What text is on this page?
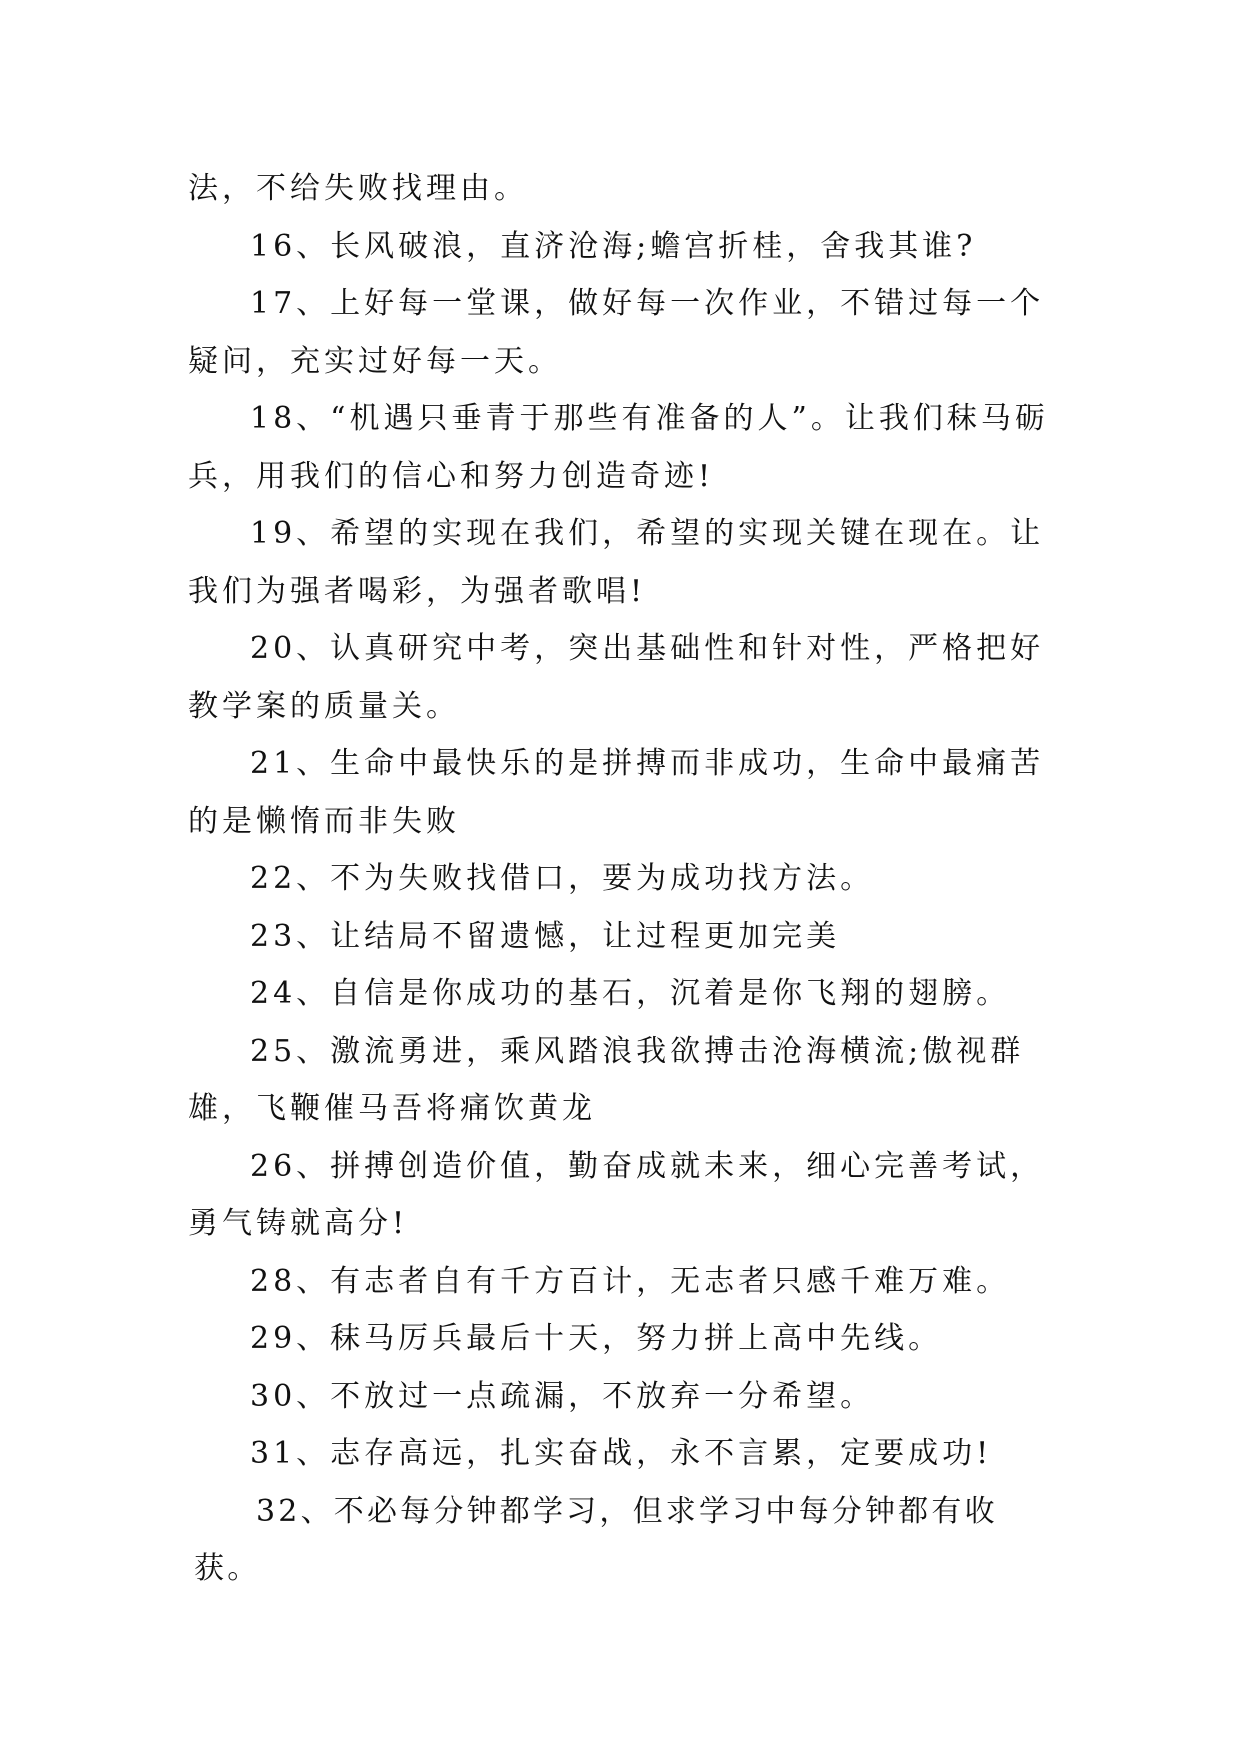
法，不给失败找理由。

16、长风破浪，直济沧海;蟾宫折桂，舍我其谁?

17、上好每一堂课，做好每一次作业，不错过每一个疑问，充实过好每一天。

18、“机遇只垂青于那些有准备的人”。让我们秣马砺兵，用我们的信心和努力创造奇迹!

19、希望的实现在我们，希望的实现关键在现在。让我们为强者喝彩，为强者歌唱!

20、认真研究中考，突出基础性和针对性，严格把好教学案的质量关。

21、生命中最快乐的是拼搏而非成功，生命中最痛苦的是懒惰而非失败

22、不为失败找借口，要为成功找方法。

23、让结局不留遗憾，让过程更加完美

24、自信是你成功的基石，沉着是你飞翔的翅膀。

25、激流勇进，乘风踏浪我欲搏击沧海横流;傲视群雄，飞鞭催马吾将痛饮黄龙

26、拼搏创造价值，勤奋成就未来，细心完善考试，勇气铸就高分!

28、有志者自有千方百计，无志者只感千难万难。

29、秣马厉兵最后十天，努力拼上高中先线。

30、不放过一点疏漏，不放弃一分希望。

31、志存高远，扎实奋战，永不言累，定要成功!

32、不必每分钟都学习，但求学习中每分钟都有收获。
